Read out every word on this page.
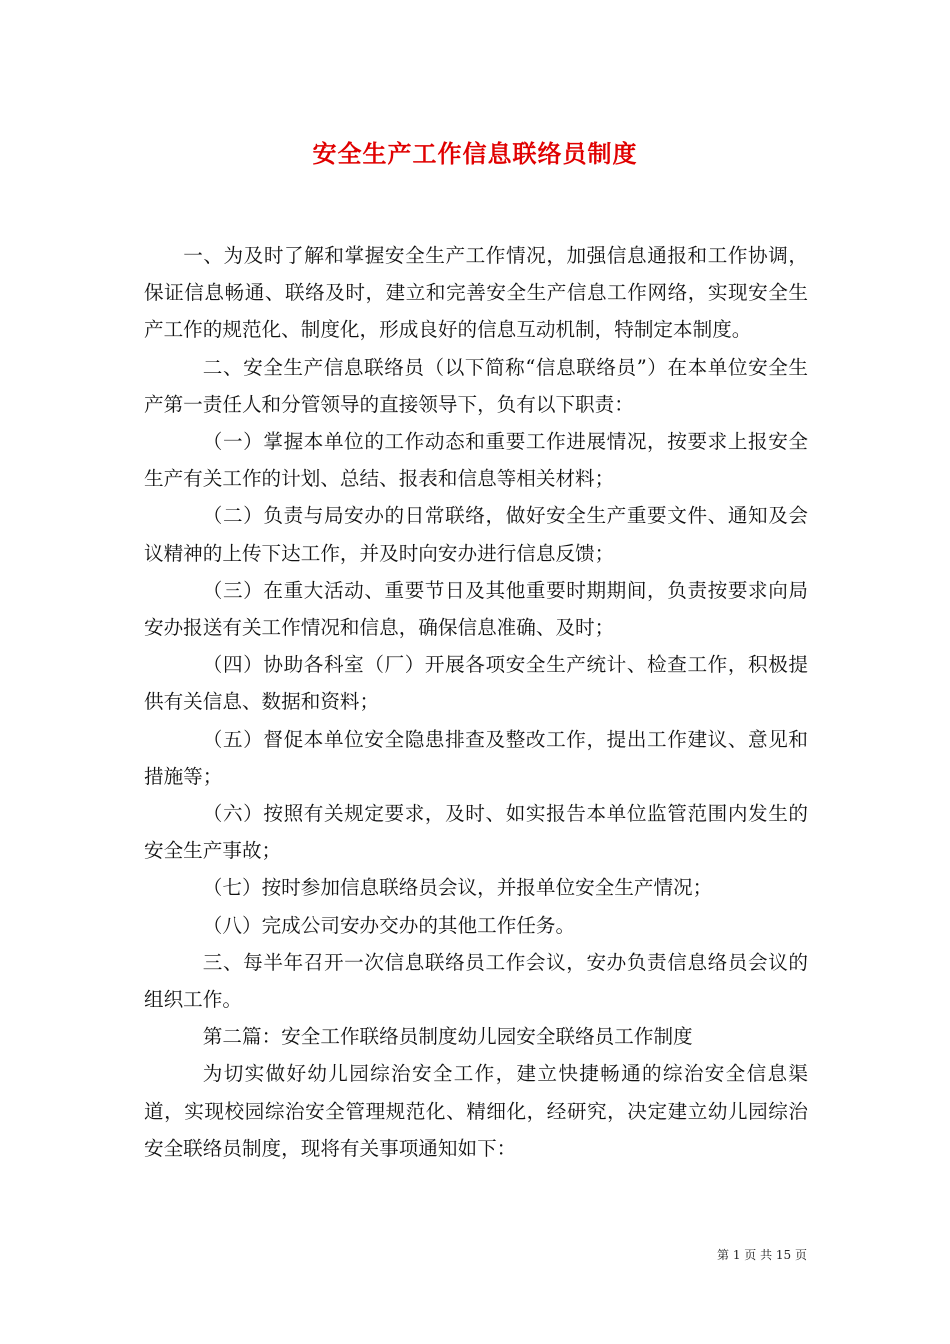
安全生产工作信息联络员制度

一、为及时了解和掌握安全生产工作情况，加强信息通报和工作协调，保证信息畅通、联络及时，建立和完善安全生产信息工作网络，实现安全生产工作的规范化、制度化，形成良好的信息互动机制，特制定本制度。

二、安全生产信息联络员（以下简称“信息联络员”）在本单位安全生产第一责任人和分管领导的直接领导下，负有以下职责：

（一）掌握本单位的工作动态和重要工作进展情况，按要求上报安全生产有关工作的计划、总结、报表和信息等相关材料；

（二）负责与局安办的日常联络，做好安全生产重要文件、通知及会议精神的上传下达工作，并及时向安办进行信息反馈；

（三）在重大活动、重要节日及其他重要时期期间，负责按要求向局安办报送有关工作情况和信息，确保信息准确、及时；

（四）协助各科室（厂）开展各项安全生产统计、检查工作，积极提供有关信息、数据和资料；

（五）督促本单位安全隐患排查及整改工作，提出工作建议、意见和措施等；

（六）按照有关规定要求，及时、如实报告本单位监管范围内发生的安全生产事故；

（七）按时参加信息联络员会议，并报单位安全生产情况；

（八）完成公司安办交办的其他工作任务。

三、每半年召开一次信息联络员工作会议，安办负责信息络员会议的组织工作。

第二篇：安全工作联络员制度幼儿园安全联络员工作制度

为切实做好幼儿园综治安全工作，建立快捷畅通的综治安全信息渠道，实现校园综治安全管理规范化、精细化，经研究，决定建立幼儿园综治安全联络员制度，现将有关事项通知如下：

第 1 页 共 15 页
